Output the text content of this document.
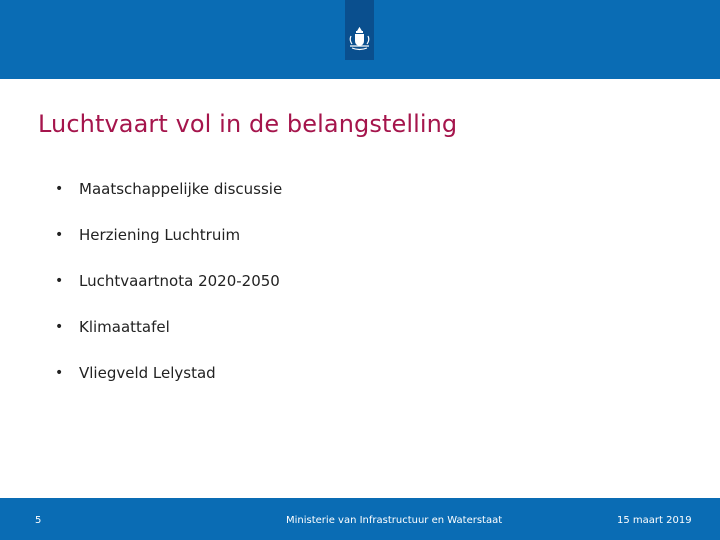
Luchtvaart vol in de belangstelling
•	Maatschappelijke discussie
•	Herziening Luchtruim
•	Luchtvaartnota 2020-2050
•	Klimaattafel
•	Vliegveld Lelystad
5	Ministerie van Infrastructuur en Waterstaat	15 maart 2019
